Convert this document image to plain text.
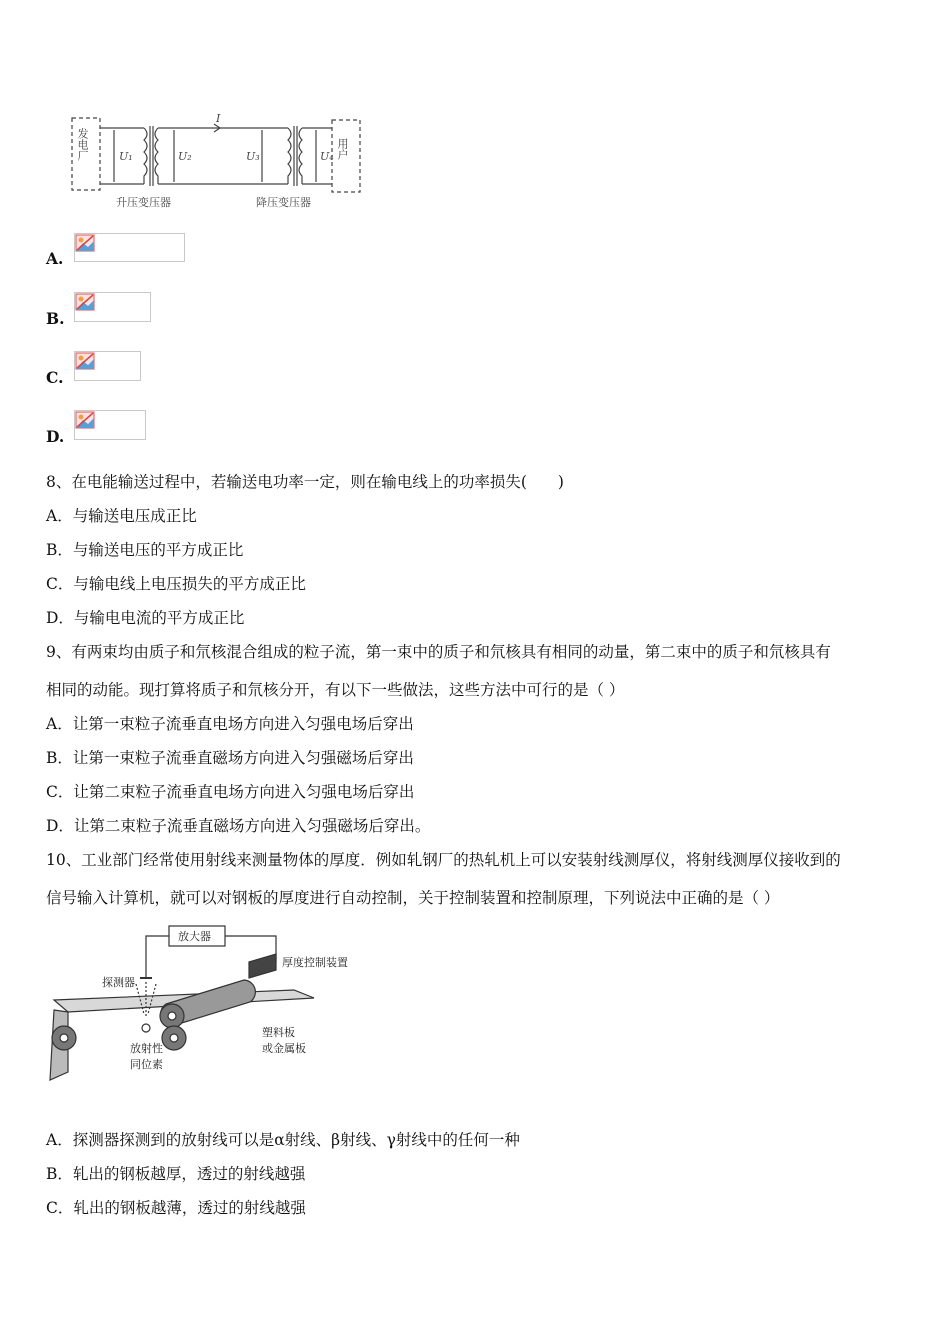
I
U₁	U₂	U₃	U₄
升压变压器	降压变压器
发电厂	用户
A.
B.
C.
D.
8、在电能输送过程中，若输送电功率一定，则在输电线上的功率损失(　　)
A．与输送电压成正比
B．与输送电压的平方成正比
C．与输电线上电压损失的平方成正比
D．与输电电流的平方成正比
9、有两束均由质子和氘核混合组成的粒子流，第一束中的质子和氘核具有相同的动量，第二束中的质子和氘核具有
相同的动能。现打算将质子和氘核分开，有以下一些做法，这些方法中可行的是（ ）
A．让第一束粒子流垂直电场方向进入匀强电场后穿出
B．让第一束粒子流垂直磁场方向进入匀强磁场后穿出
C．让第二束粒子流垂直电场方向进入匀强电场后穿出
D．让第二束粒子流垂直磁场方向进入匀强磁场后穿出。
10、工业部门经常使用射线来测量物体的厚度．例如轧钢厂的热轧机上可以安装射线测厚仪，将射线测厚仪接收到的
信号输入计算机，就可以对钢板的厚度进行自动控制，关于控制装置和控制原理，下列说法中正确的是（ ）
放大器
厚度控制装置
探测器
塑料板
或金属板
放射性
同位素
A．探测器探测到的放射线可以是α射线、β射线、γ射线中的任何一种
B．轧出的钢板越厚，透过的射线越强
C．轧出的钢板越薄，透过的射线越强
